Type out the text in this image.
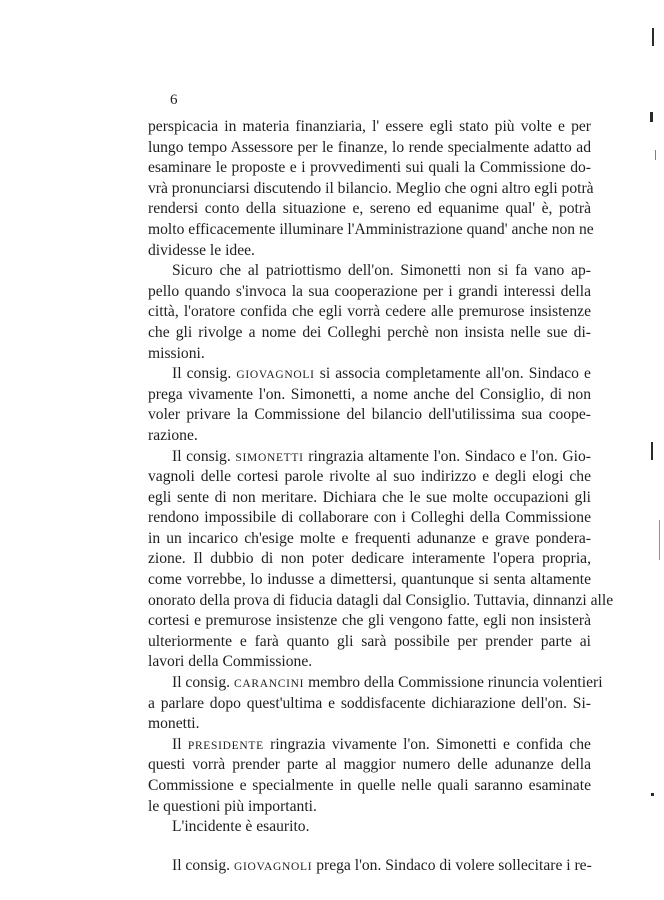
6
perspicacia in materia finanziaria, l' essere egli stato più volte e per
lungo tempo Assessore per le finanze, lo rende specialmente adatto ad
esaminare le proposte e i provvedimenti sui quali la Commissione do-
vrà pronunciarsi discutendo il bilancio. Meglio che ogni altro egli potrà
rendersi conto della situazione e, sereno ed equanime qual' è, potrà
molto efficacemente illuminare l'Amministrazione quand' anche non ne
dividesse le idee.
Sicuro che al patriottismo dell'on. Simonetti non si fa vano ap-
pello quando s'invoca la sua cooperazione per i grandi interessi della
città, l'oratore confida che egli vorrà cedere alle premurose insistenze
che gli rivolge a nome dei Colleghi perchè non insista nelle sue di-
missioni.
Il consig. GIOVAGNOLI si associa completamente all'on. Sindaco e
prega vivamente l'on. Simonetti, a nome anche del Consiglio, di non
voler privare la Commissione del bilancio dell'utilissima sua coope-
razione.
Il consig. SIMONETTI ringrazia altamente l'on. Sindaco e l'on. Gio-
vagnoli delle cortesi parole rivolte al suo indirizzo e degli elogi che
egli sente di non meritare. Dichiara che le sue molte occupazioni gli
rendono impossibile di collaborare con i Colleghi della Commissione
in un incarico ch'esige molte e frequenti adunanze e grave pondera-
zione. Il dubbio di non poter dedicare interamente l'opera propria,
come vorrebbe, lo indusse a dimettersi, quantunque si senta altamente
onorato della prova di fiducia datagli dal Consiglio. Tuttavia, dinnanzi alle
cortesi e premurose insistenze che gli vengono fatte, egli non insisterà
ulteriormente e farà quanto gli sarà possibile per prender parte ai
lavori della Commissione.
Il consig. CARANCINI membro della Commissione rinuncia volentieri
a parlare dopo quest'ultima e soddisfacente dichiarazione dell'on. Si-
monetti.
Il PRESIDENTE ringrazia vivamente l'on. Simonetti e confida che
questi vorrà prender parte al maggior numero delle adunanze della
Commissione e specialmente in quelle nelle quali saranno esaminate
le questioni più importanti.
L'incidente è esaurito.
Il consig. GIOVAGNOLI prega l'on. Sindaco di volere sollecitare i re-
